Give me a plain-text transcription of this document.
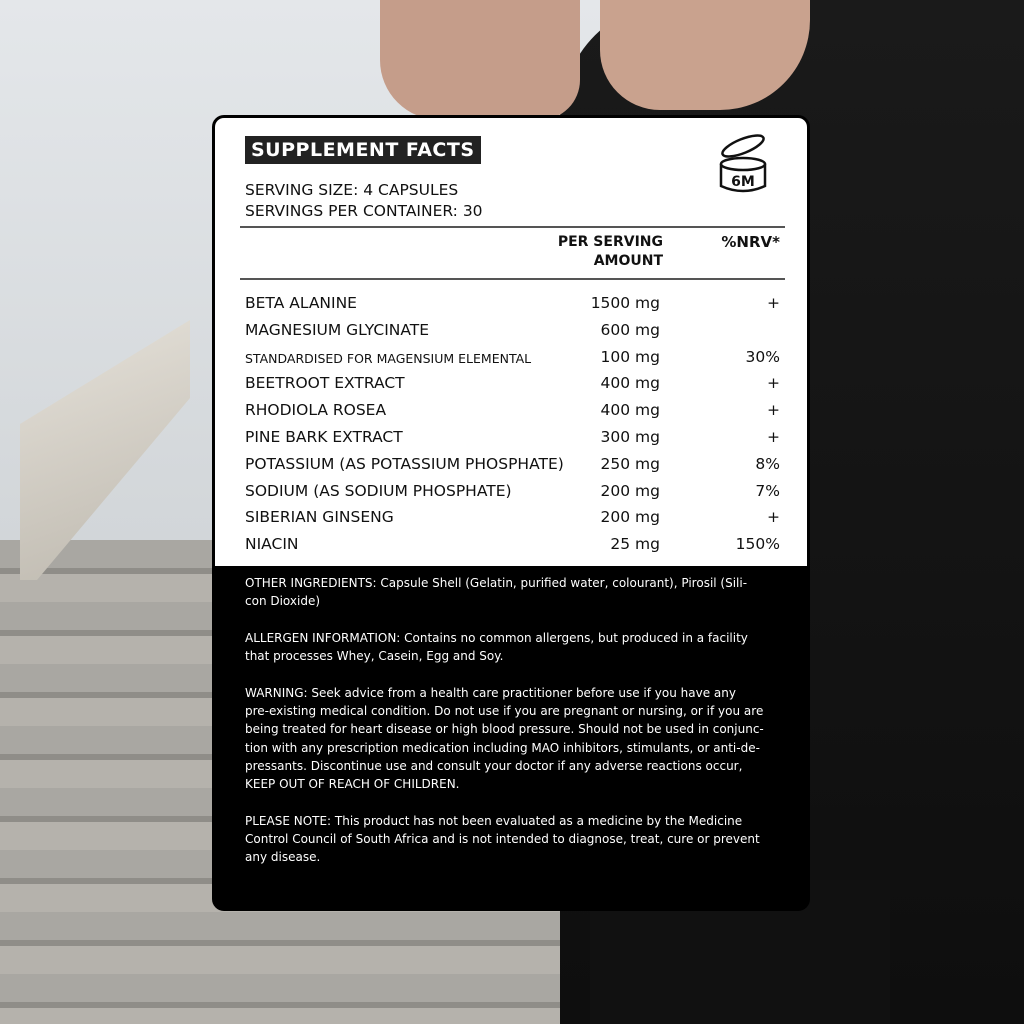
SUPPLEMENT FACTS
SERVING SIZE: 4 CAPSULES
SERVINGS PER CONTAINER: 30
6M
PER SERVING
AMOUNT
%NRV*
BETA ALANINE	1500 mg	+
MAGNESIUM GLYCINATE	600 mg
STANDARDISED FOR MAGENSIUM ELEMENTAL	100 mg	30%
BEETROOT EXTRACT	400 mg	+
RHODIOLA ROSEA	400 mg	+
PINE BARK EXTRACT	300 mg	+
POTASSIUM (AS POTASSIUM PHOSPHATE) 250 mg	8%
SODIUM (AS SODIUM PHOSPHATE)	200 mg	7%
SIBERIAN GINSENG	200 mg	+
NIACIN	25 mg	150%

OTHER INGREDIENTS: Capsule Shell (Gelatin, purified water, colourant), Pirosil (Sili-
con Dioxide)

ALLERGEN INFORMATION: Contains no common allergens, but produced in a facility
that processes Whey, Casein, Egg and Soy.

WARNING: Seek advice from a health care practitioner before use if you have any
pre-existing medical condition. Do not use if you are pregnant or nursing, or if you are
being treated for heart disease or high blood pressure. Should not be used in conjunc-
tion with any prescription medication including MAO inhibitors, stimulants, or anti-de-
pressants. Discontinue use and consult your doctor if any adverse reactions occur,
KEEP OUT OF REACH OF CHILDREN.

PLEASE NOTE: This product has not been evaluated as a medicine by the Medicine
Control Council of South Africa and is not intended to diagnose, treat, cure or prevent
any disease.
